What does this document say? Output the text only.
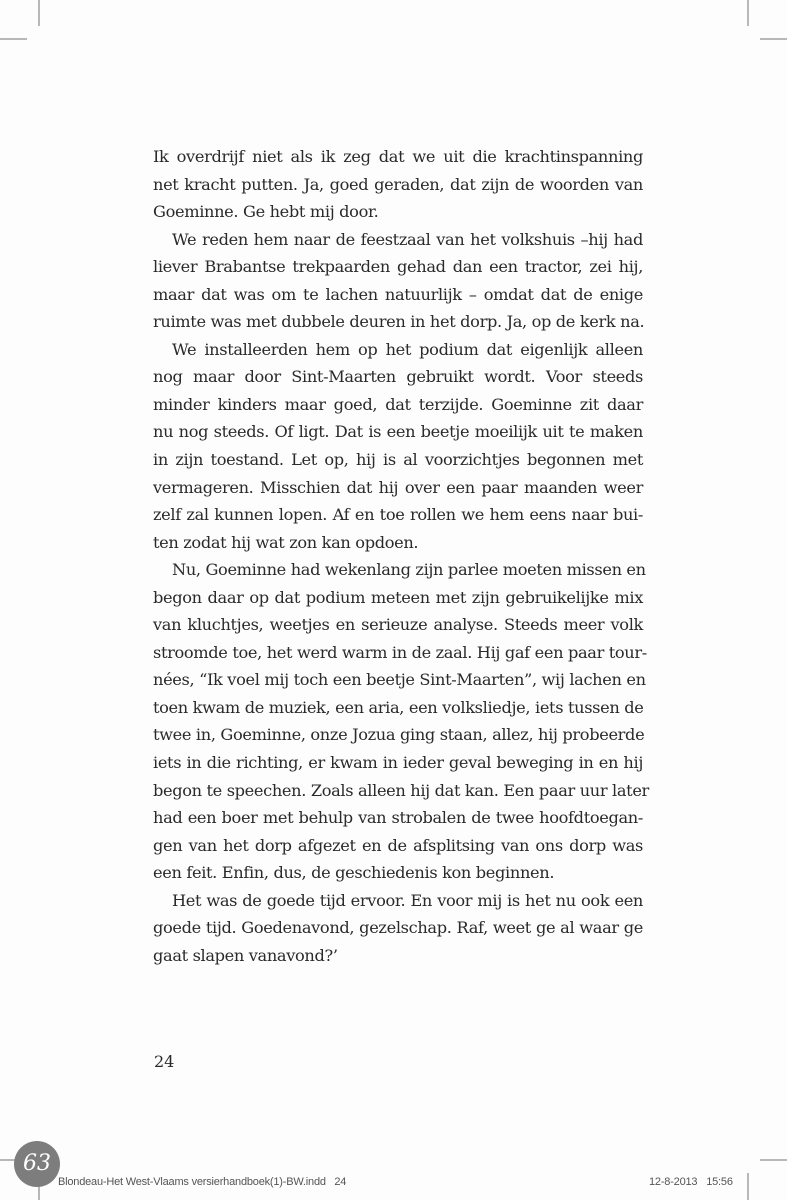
Ik overdrijf niet als ik zeg dat we uit die krachtinspanning
net kracht putten. Ja, goed geraden, dat zijn de woorden van
Goeminne. Ge hebt mij door.
We reden hem naar de feestzaal van het volkshuis –hij had
liever Brabantse trekpaarden gehad dan een tractor, zei hij,
maar dat was om te lachen natuurlijk – omdat dat de enige
ruimte was met dubbele deuren in het dorp. Ja, op de kerk na.
We installeerden hem op het podium dat eigenlijk alleen
nog maar door Sint-Maarten gebruikt wordt. Voor steeds
minder kinders maar goed, dat terzijde. Goeminne zit daar
nu nog steeds. Of ligt. Dat is een beetje moeilijk uit te maken
in zijn toestand. Let op, hij is al voorzichtjes begonnen met
vermageren. Misschien dat hij over een paar maanden weer
zelf zal kunnen lopen. Af en toe rollen we hem eens naar bui-
ten zodat hij wat zon kan opdoen.
Nu, Goeminne had wekenlang zijn parlee moeten missen en
begon daar op dat podium meteen met zijn gebruikelijke mix
van kluchtjes, weetjes en serieuze analyse. Steeds meer volk
stroomde toe, het werd warm in de zaal. Hij gaf een paar tour-
nées, “Ik voel mij toch een beetje Sint-Maarten”, wij lachen en
toen kwam de muziek, een aria, een volksliedje, iets tussen de
twee in, Goeminne, onze Jozua ging staan, allez, hij probeerde
iets in die richting, er kwam in ieder geval beweging in en hij
begon te speechen. Zoals alleen hij dat kan. Een paar uur later
had een boer met behulp van strobalen de twee hoofdtoegan-
gen van het dorp afgezet en de afsplitsing van ons dorp was
een feit. Enfin, dus, de geschiedenis kon beginnen.
Het was de goede tijd ervoor. En voor mij is het nu ook een
goede tijd. Goedenavond, gezelschap. Raf, weet ge al waar ge
gaat slapen vanavond?’
24
63
Blondeau-Het West-Vlaams versierhandboek(1)-BW.indd   24	12-8-2013 15:56
